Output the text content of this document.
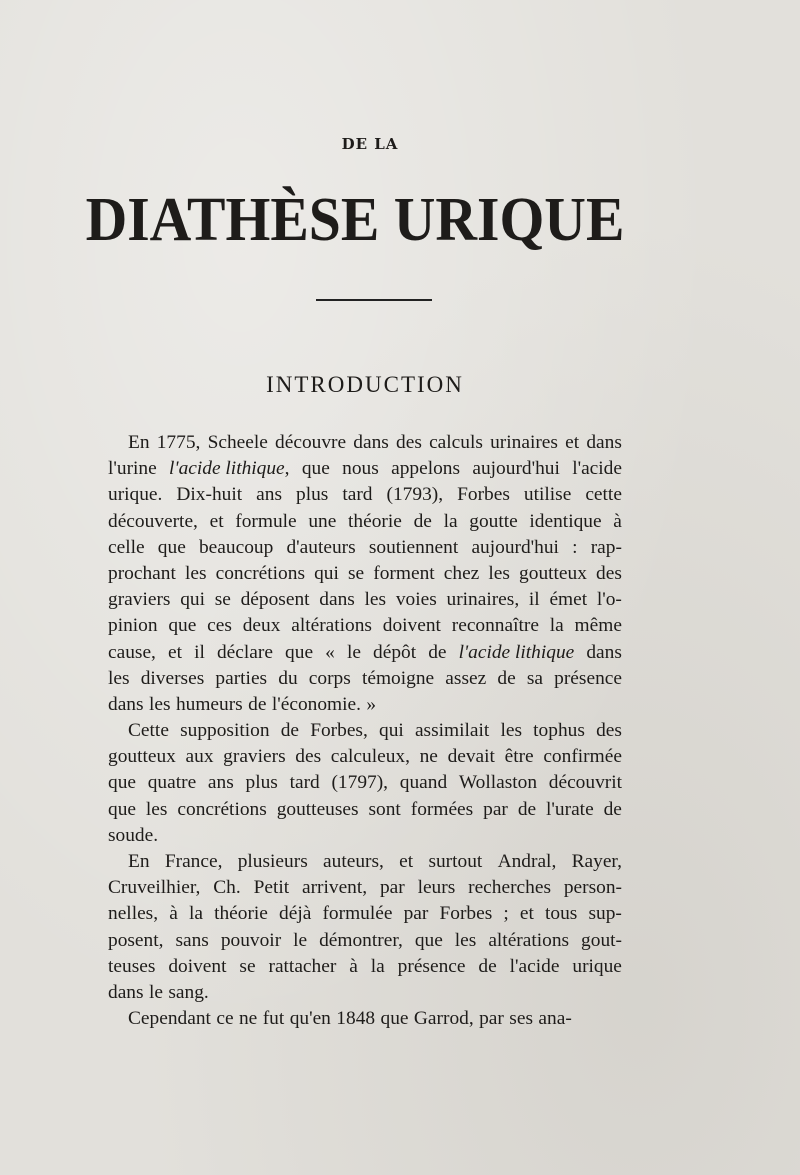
DE LA
DIATHÈSE URIQUE
INTRODUCTION
En 1775, Scheele découvre dans des calculs urinaires et dans
l'urine l'acide lithique, que nous appelons aujourd'hui l'acide
urique. Dix-huit ans plus tard (1793), Forbes utilise cette
découverte, et formule une théorie de la goutte identique à
celle que beaucoup d'auteurs soutiennent aujourd'hui : rap-
prochant les concrétions qui se forment chez les goutteux des
graviers qui se déposent dans les voies urinaires, il émet l'o-
pinion que ces deux altérations doivent reconnaître la même
cause, et il déclare que « le dépôt de l'acide lithique dans
les diverses parties du corps témoigne assez de sa présence
dans les humeurs de l'économie. »
Cette supposition de Forbes, qui assimilait les tophus des
goutteux aux graviers des calculeux, ne devait être confirmée
que quatre ans plus tard (1797), quand Wollaston découvrit
que les concrétions goutteuses sont formées par de l'urate de
soude.
En France, plusieurs auteurs, et surtout Andral, Rayer,
Cruveilhier, Ch. Petit arrivent, par leurs recherches person-
nelles, à la théorie déjà formulée par Forbes ; et tous sup-
posent, sans pouvoir le démontrer, que les altérations gout-
teuses doivent se rattacher à la présence de l'acide urique
dans le sang.
Cependant ce ne fut qu'en 1848 que Garrod, par ses ana-
